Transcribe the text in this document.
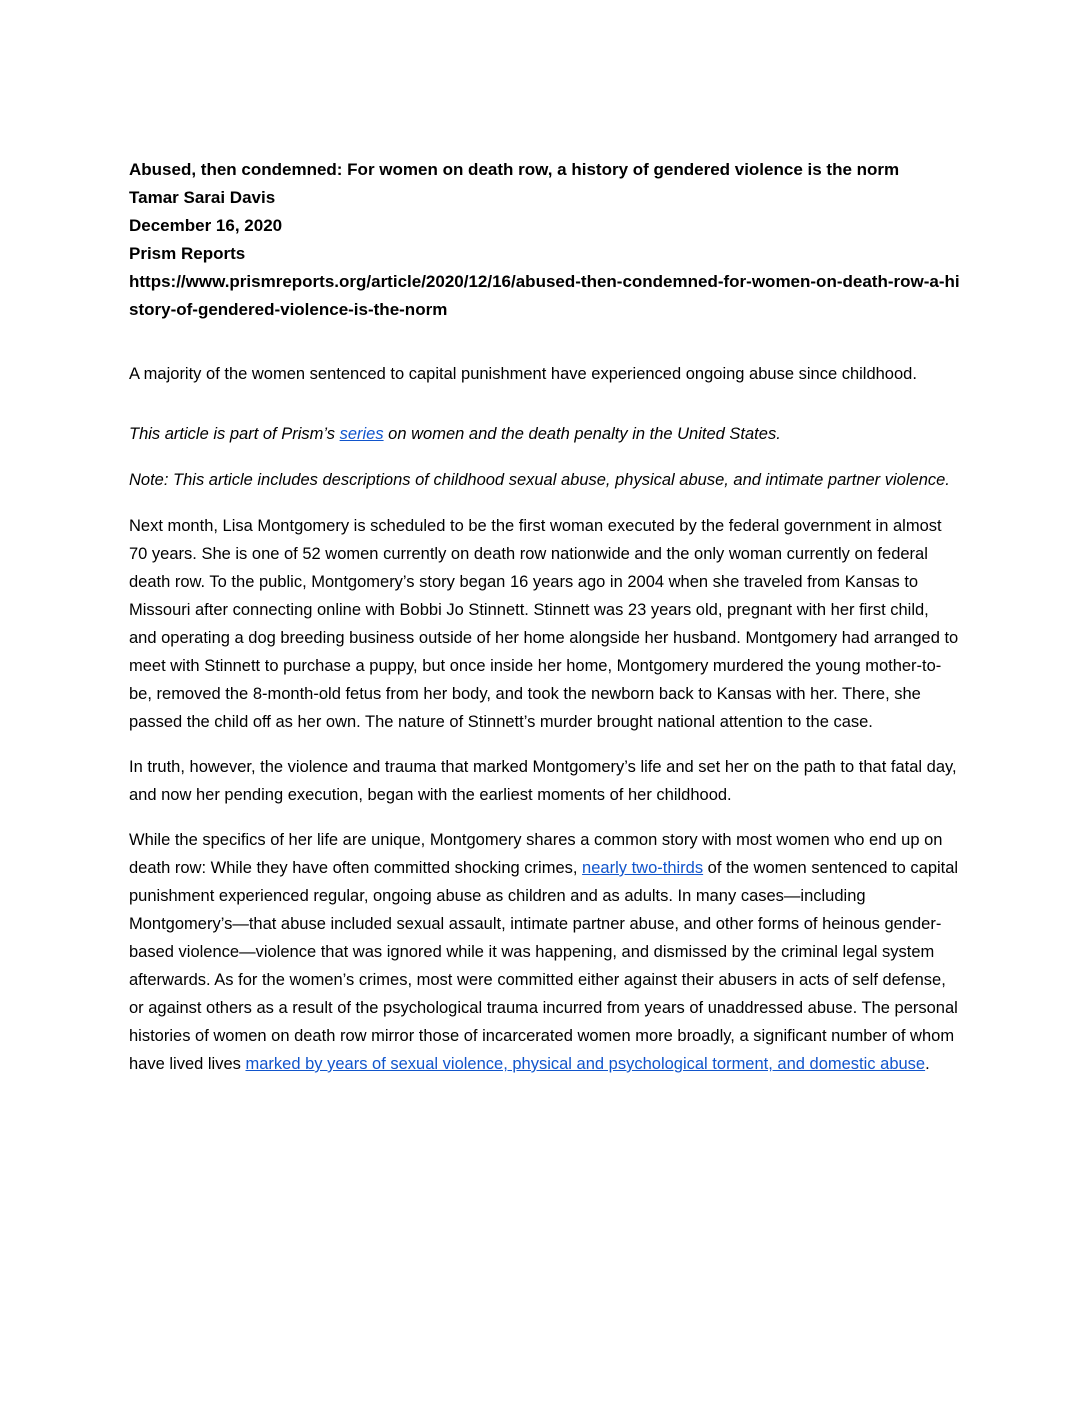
Abused, then condemned: For women on death row, a history of gendered violence is the norm
Tamar Sarai Davis
December 16, 2020
Prism Reports
https://www.prismreports.org/article/2020/12/16/abused-then-condemned-for-women-on-death-row-a-history-of-gendered-violence-is-the-norm

A majority of the women sentenced to capital punishment have experienced ongoing abuse since childhood.

This article is part of Prism’s series on women and the death penalty in the United States.

Note: This article includes descriptions of childhood sexual abuse, physical abuse, and intimate partner violence.

Next month, Lisa Montgomery is scheduled to be the first woman executed by the federal government in almost 70 years. She is one of 52 women currently on death row nationwide and the only woman currently on federal death row. To the public, Montgomery’s story began 16 years ago in 2004 when she traveled from Kansas to Missouri after connecting online with Bobbi Jo Stinnett. Stinnett was 23 years old, pregnant with her first child, and operating a dog breeding business outside of her home alongside her husband. Montgomery had arranged to meet with Stinnett to purchase a puppy, but once inside her home, Montgomery murdered the young mother-to-be, removed the 8-month-old fetus from her body, and took the newborn back to Kansas with her. There, she passed the child off as her own. The nature of Stinnett’s murder brought national attention to the case.

In truth, however, the violence and trauma that marked Montgomery’s life and set her on the path to that fatal day, and now her pending execution, began with the earliest moments of her childhood.

While the specifics of her life are unique, Montgomery shares a common story with most women who end up on death row: While they have often committed shocking crimes, nearly two-thirds of the women sentenced to capital punishment experienced regular, ongoing abuse as children and as adults. In many cases—including Montgomery’s—that abuse included sexual assault, intimate partner abuse, and other forms of heinous gender-based violence—violence that was ignored while it was happening, and dismissed by the criminal legal system afterwards. As for the women’s crimes, most were committed either against their abusers in acts of self defense, or against others as a result of the psychological trauma incurred from years of unaddressed abuse. The personal histories of women on death row mirror those of incarcerated women more broadly, a significant number of whom have lived lives marked by years of sexual violence, physical and psychological torment, and domestic abuse.
